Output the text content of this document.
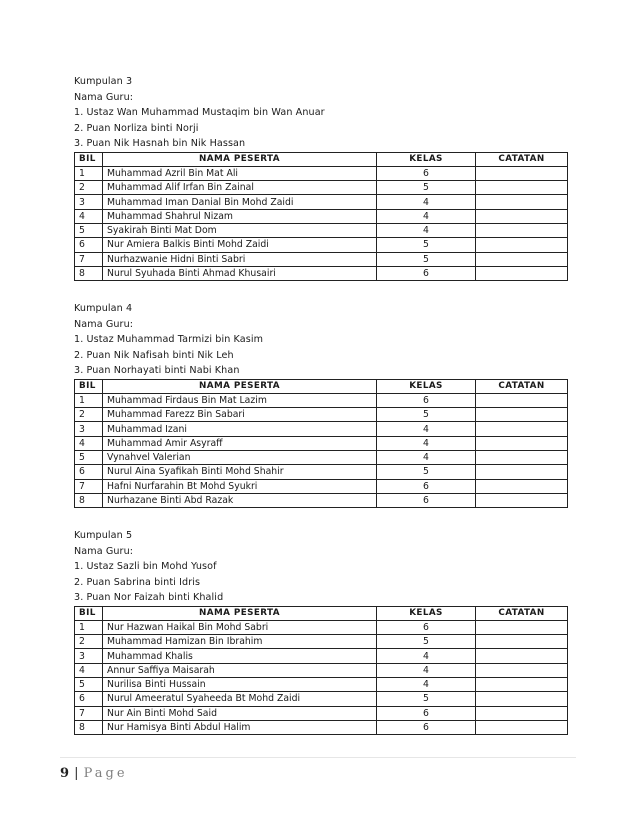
Kumpulan 3
Nama Guru:
1. Ustaz Wan Muhammad Mustaqim bin Wan Anuar
2. Puan Norliza binti Norji
3. Puan Nik Hasnah bin Nik Hassan
BIL	NAMA PESERTA	KELAS	CATATAN
1	Muhammad Azril Bin Mat Ali	6	
2	Muhammad Alif Irfan Bin Zainal	5	
3	Muhammad Iman Danial Bin Mohd Zaidi	4	
4	Muhammad Shahrul Nizam	4	
5	Syakirah Binti Mat Dom	4	
6	Nur Amiera Balkis Binti Mohd Zaidi	5	
7	Nurhazwanie Hidni Binti Sabri	5	
8	Nurul Syuhada Binti Ahmad Khusairi	6	
Kumpulan 4
Nama Guru:
1. Ustaz Muhammad Tarmizi bin Kasim
2. Puan Nik Nafisah binti Nik Leh
3. Puan Norhayati binti Nabi Khan
BIL	NAMA PESERTA	KELAS	CATATAN
1	Muhammad Firdaus Bin Mat Lazim	6	
2	Muhammad Farezz Bin Sabari	5	
3	Muhammad Izani	4	
4	Muhammad Amir Asyraff	4	
5	Vynahvel Valerian	4	
6	Nurul Aina Syafikah Binti Mohd Shahir	5	
7	Hafni Nurfarahin Bt Mohd Syukri	6	
8	Nurhazane Binti Abd Razak	6	
Kumpulan 5
Nama Guru:
1. Ustaz Sazli bin Mohd Yusof
2. Puan Sabrina binti Idris
3. Puan Nor Faizah binti Khalid
BIL	NAMA PESERTA	KELAS	CATATAN
1	Nur Hazwan Haikal Bin Mohd Sabri	6	
2	Muhammad Hamizan Bin Ibrahim	5	
3	Muhammad Khalis	4	
4	Annur Saffiya Maisarah	4	
5	Nurilisa Binti Hussain	4	
6	Nurul Ameeratul Syaheeda Bt Mohd Zaidi	5	
7	Nur Ain Binti Mohd Said	6	
8	Nur Hamisya Binti Abdul Halim	6	
9 | Page
